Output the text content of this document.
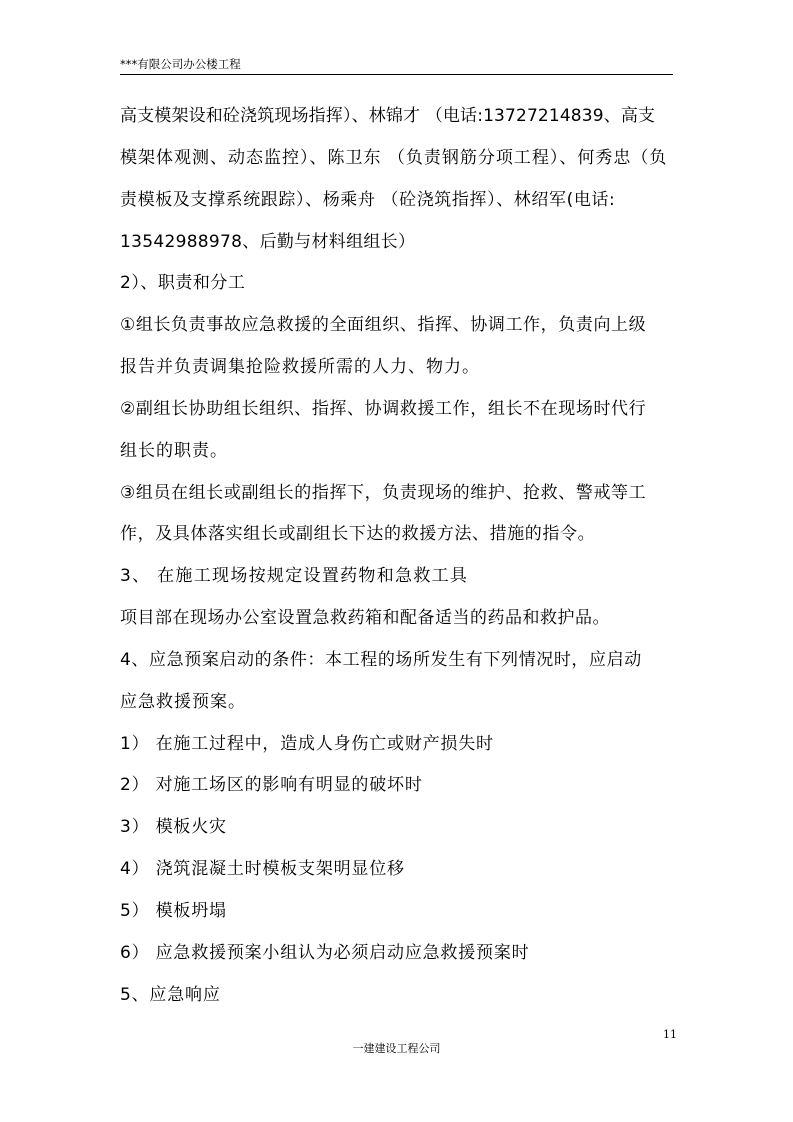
***有限公司办公楼工程
高支模架设和砼浇筑现场指挥）、林锦才 （电话:13727214839、高支
模架体观测、动态监控）、陈卫东 （负责钢筋分项工程）、何秀忠（负
责模板及支撑系统跟踪）、杨乘舟 （砼浇筑指挥）、林绍军(电话:
13542988978、后勤与材料组组长）
2）、职责和分工
①组长负责事故应急救援的全面组织、指挥、协调工作，负责向上级
报告并负责调集抢险救援所需的人力、物力。
②副组长协助组长组织、指挥、协调救援工作，组长不在现场时代行
组长的职责。
③组员在组长或副组长的指挥下，负责现场的维护、抢救、警戒等工
作，及具体落实组长或副组长下达的救援方法、措施的指令。
3、 在施工现场按规定设置药物和急救工具
项目部在现场办公室设置急救药箱和配备适当的药品和救护品。
4、应急预案启动的条件：本工程的场所发生有下列情况时，应启动
应急救援预案。
1） 在施工过程中，造成人身伤亡或财产损失时
2） 对施工场区的影响有明显的破坏时
3） 模板火灾
4） 浇筑混凝土时模板支架明显位移
5） 模板坍塌
6） 应急救援预案小组认为必须启动应急救援预案时
5、应急响应
11
一建建设工程公司
